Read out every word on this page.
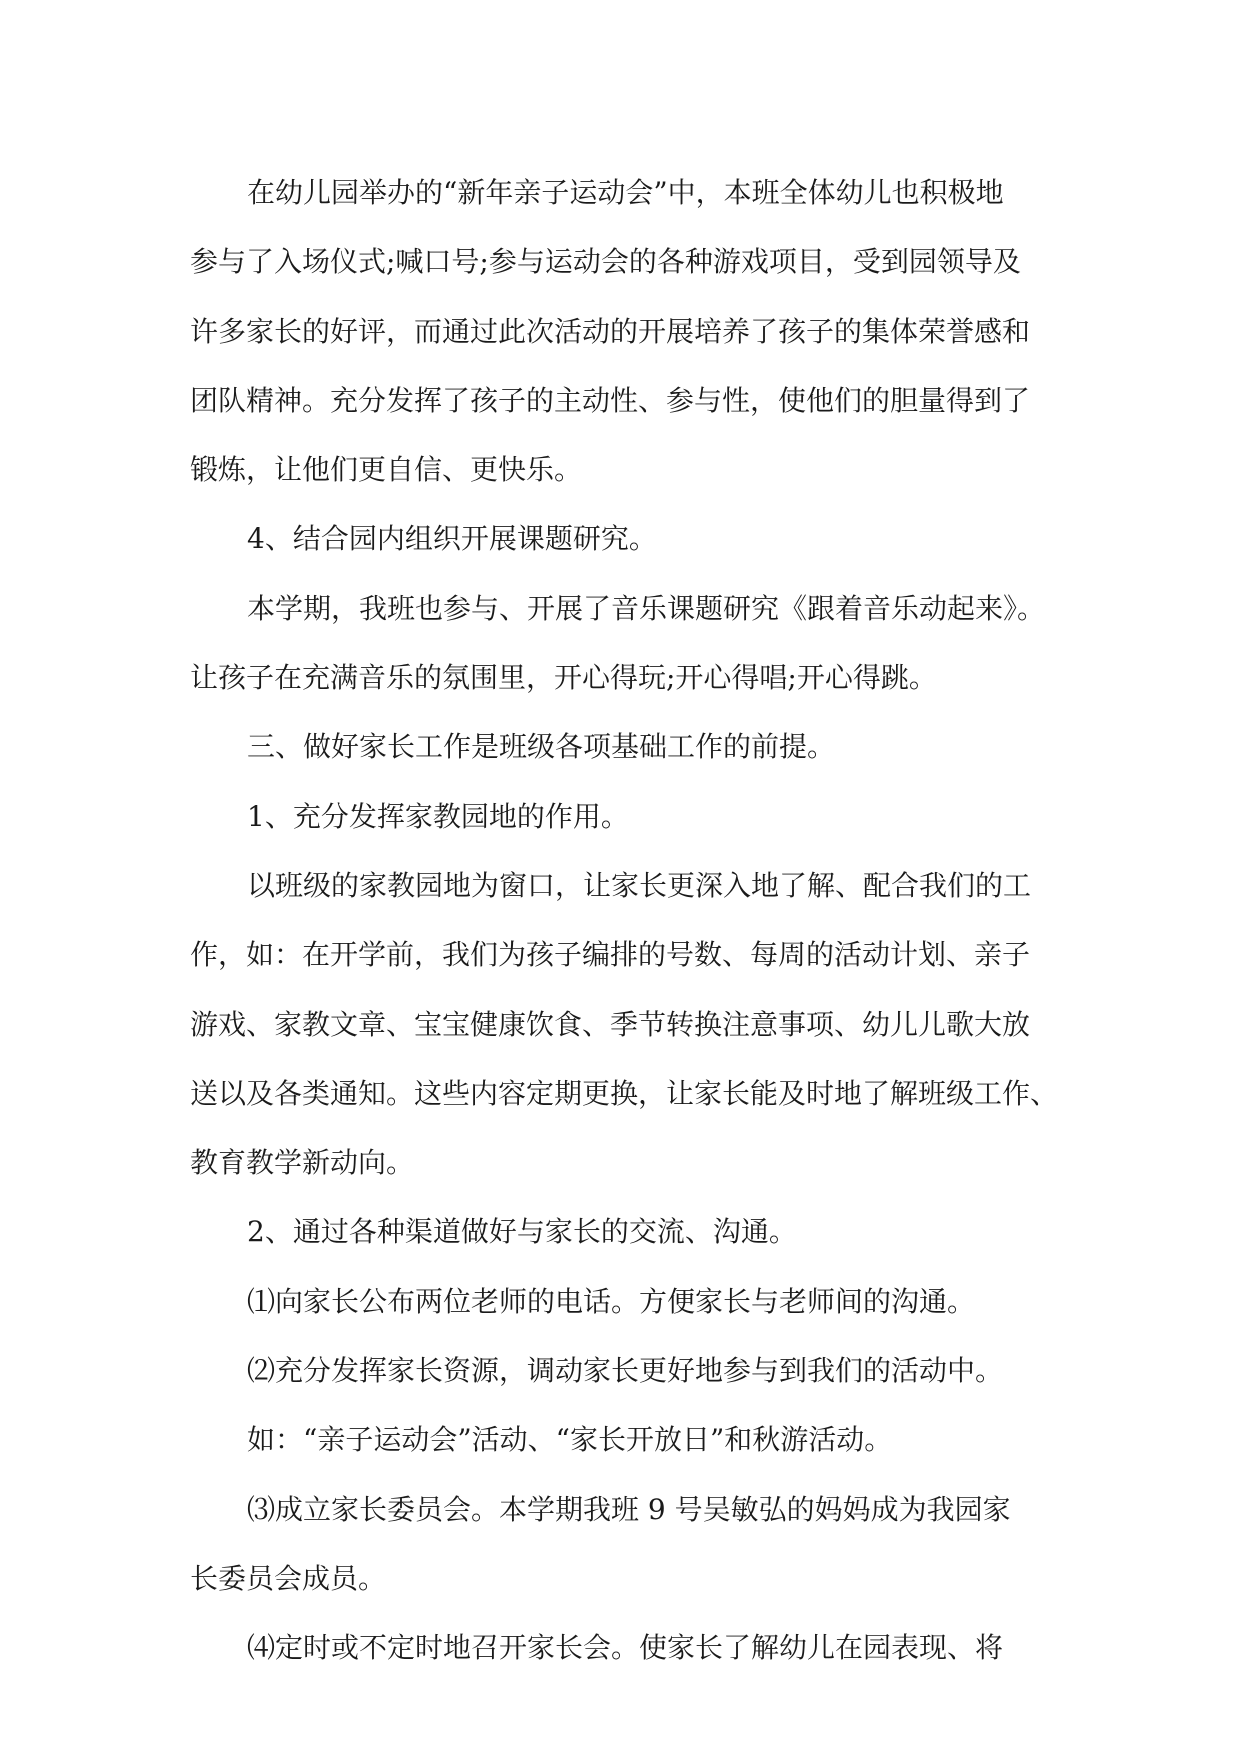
在幼儿园举办的“新年亲子运动会”中，本班全体幼儿也积极地
参与了入场仪式;喊口号;参与运动会的各种游戏项目，受到园领导及
许多家长的好评，而通过此次活动的开展培养了孩子的集体荣誉感和
团队精神。充分发挥了孩子的主动性、参与性，使他们的胆量得到了
锻炼，让他们更自信、更快乐。
4、结合园内组织开展课题研究。
本学期，我班也参与、开展了音乐课题研究《跟着音乐动起来》。
让孩子在充满音乐的氛围里，开心得玩;开心得唱;开心得跳。
三、做好家长工作是班级各项基础工作的前提。
1、充分发挥家教园地的作用。
以班级的家教园地为窗口，让家长更深入地了解、配合我们的工
作，如：在开学前，我们为孩子编排的号数、每周的活动计划、亲子
游戏、家教文章、宝宝健康饮食、季节转换注意事项、幼儿儿歌大放
送以及各类通知。这些内容定期更换，让家长能及时地了解班级工作、
教育教学新动向。
2、通过各种渠道做好与家长的交流、沟通。
⑴向家长公布两位老师的电话。方便家长与老师间的沟通。
⑵充分发挥家长资源，调动家长更好地参与到我们的活动中。
如：“亲子运动会”活动、“家长开放日”和秋游活动。
⑶成立家长委员会。本学期我班 9 号吴敏弘的妈妈成为我园家
长委员会成员。
⑷定时或不定时地召开家长会。使家长了解幼儿在园表现、将
